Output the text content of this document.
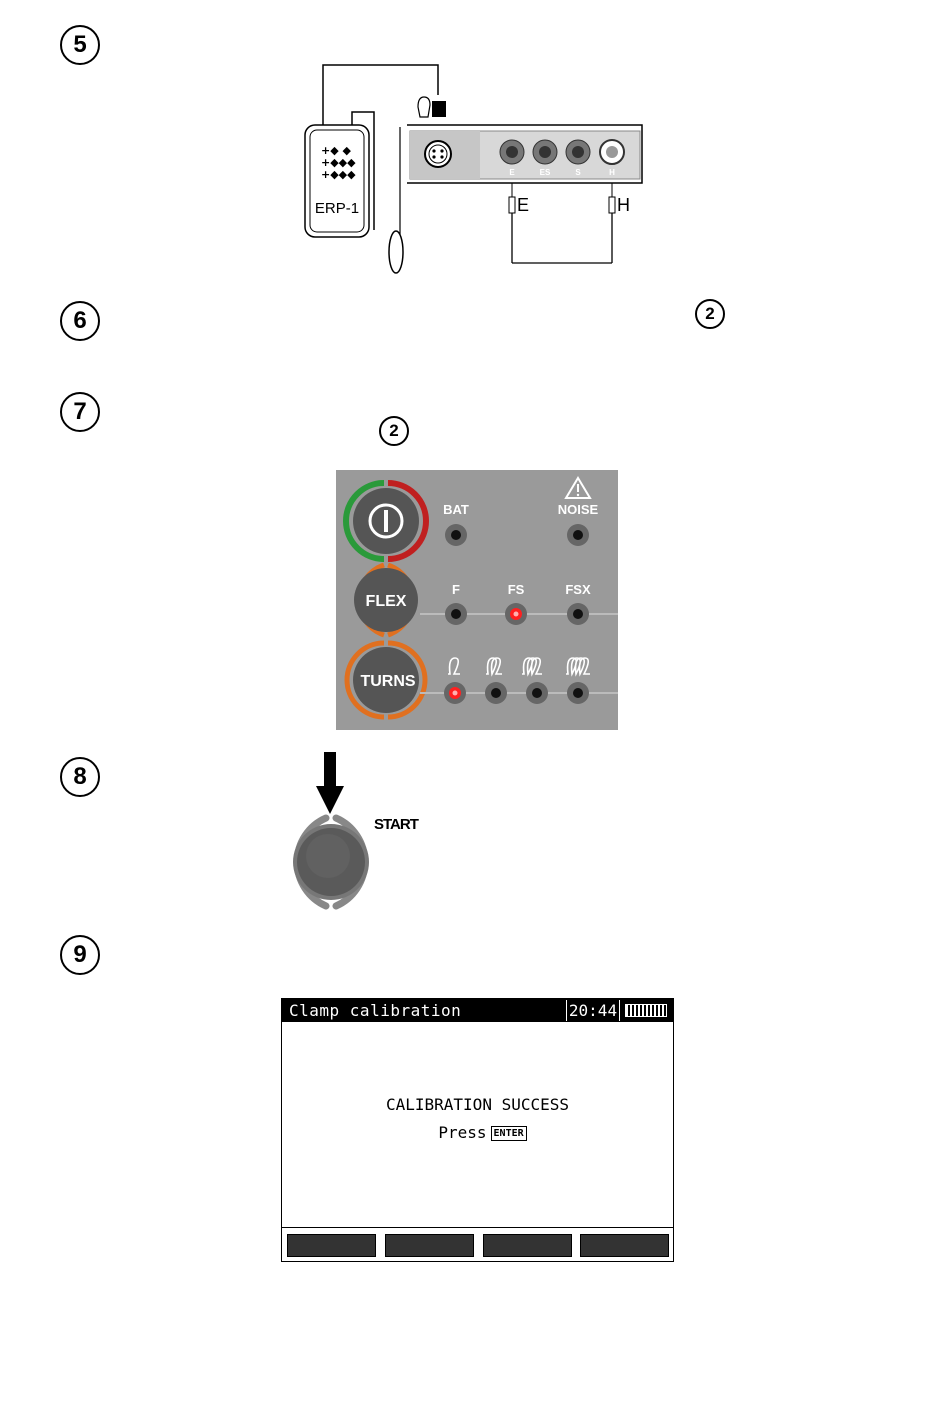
5
6
7
8
9
2
2
+◆ ◆
+◆◆◆
+◆◆◆
ERP-1
E	ES	S	H
E	H
FLEX
TURNS
BAT	NOISE
F	FS	FSX
START
Clamp calibration	20:44
CALIBRATION SUCCESS
Press ENTER
